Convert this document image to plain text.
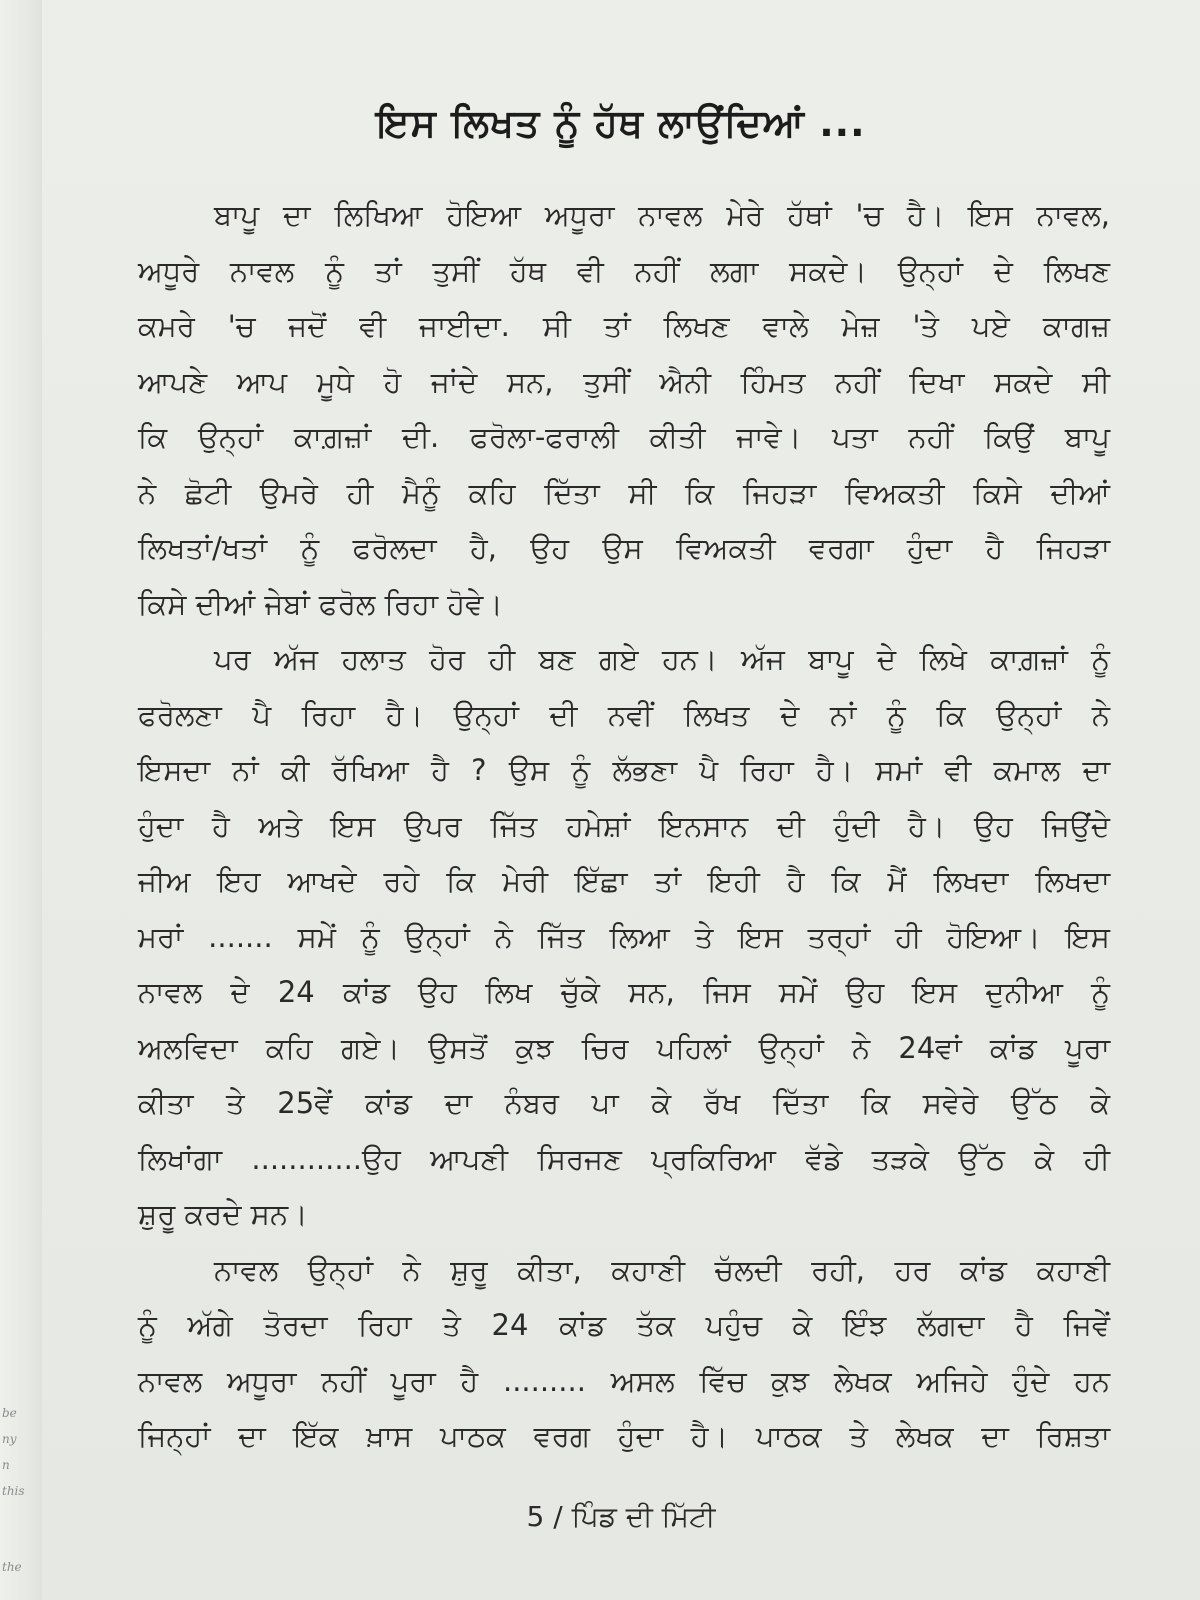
be
ny
n
this
the
ਇਸ ਲਿਖਤ ਨੂੰ ਹੱਥ ਲਾਉਂਦਿਆਂ ...
ਬਾਪੂ ਦਾ ਲਿਖਿਆ ਹੋਇਆ ਅਧੂਰਾ ਨਾਵਲ ਮੇਰੇ ਹੱਥਾਂ 'ਚ ਹੈ। ਇਸ ਨਾਵਲ,
ਅਧੂਰੇ ਨਾਵਲ ਨੂੰ ਤਾਂ ਤੁਸੀਂ ਹੱਥ ਵੀ ਨਹੀਂ ਲਗਾ ਸਕਦੇ। ਉਨ੍ਹਾਂ ਦੇ ਲਿਖਣ
ਕਮਰੇ 'ਚ ਜਦੋਂ ਵੀ ਜਾਈਦਾ. ਸੀ ਤਾਂ ਲਿਖਣ ਵਾਲੇ ਮੇਜ਼ 'ਤੇ ਪਏ ਕਾਗਜ਼
ਆਪਣੇ ਆਪ ਮੂਧੇ ਹੋ ਜਾਂਦੇ ਸਨ, ਤੁਸੀਂ ਐਨੀ ਹਿੰਮਤ ਨਹੀਂ ਦਿਖਾ ਸਕਦੇ ਸੀ
ਕਿ ਉਨ੍ਹਾਂ ਕਾਗ਼ਜ਼ਾਂ ਦੀ. ਫਰੋਲਾ-ਫਰਾਲੀ ਕੀਤੀ ਜਾਵੇ। ਪਤਾ ਨਹੀਂ ਕਿਉਂ ਬਾਪੂ
ਨੇ ਛੋਟੀ ਉਮਰੇ ਹੀ ਮੈਨੂੰ ਕਹਿ ਦਿੱਤਾ ਸੀ ਕਿ ਜਿਹੜਾ ਵਿਅਕਤੀ ਕਿਸੇ ਦੀਆਂ
ਲਿਖਤਾਂ/ਖਤਾਂ ਨੂੰ ਫਰੋਲਦਾ ਹੈ, ਉਹ ਉਸ ਵਿਅਕਤੀ ਵਰਗਾ ਹੁੰਦਾ ਹੈ ਜਿਹੜਾ
ਕਿਸੇ ਦੀਆਂ ਜੇਬਾਂ ਫਰੋਲ ਰਿਹਾ ਹੋਵੇ।
ਪਰ ਅੱਜ ਹਲਾਤ ਹੋਰ ਹੀ ਬਣ ਗਏ ਹਨ। ਅੱਜ ਬਾਪੂ ਦੇ ਲਿਖੇ ਕਾਗ਼ਜ਼ਾਂ ਨੂੰ
ਫਰੋਲਣਾ ਪੈ ਰਿਹਾ ਹੈ। ਉਨ੍ਹਾਂ ਦੀ ਨਵੀਂ ਲਿਖਤ ਦੇ ਨਾਂ ਨੂੰ ਕਿ ਉਨ੍ਹਾਂ ਨੇ
ਇਸਦਾ ਨਾਂ ਕੀ ਰੱਖਿਆ ਹੈ ? ਉਸ ਨੂੰ ਲੱਭਣਾ ਪੈ ਰਿਹਾ ਹੈ। ਸਮਾਂ ਵੀ ਕਮਾਲ ਦਾ
ਹੁੰਦਾ ਹੈ ਅਤੇ ਇਸ ਉਪਰ ਜਿੱਤ ਹਮੇਸ਼ਾਂ ਇਨਸਾਨ ਦੀ ਹੁੰਦੀ ਹੈ। ਉਹ ਜਿਉਂਦੇ
ਜੀਅ ਇਹ ਆਖਦੇ ਰਹੇ ਕਿ ਮੇਰੀ ਇੱਛਾ ਤਾਂ ਇਹੀ ਹੈ ਕਿ ਮੈਂ ਲਿਖਦਾ ਲਿਖਦਾ
ਮਰਾਂ ....... ਸਮੇਂ ਨੂੰ ਉਨ੍ਹਾਂ ਨੇ ਜਿੱਤ ਲਿਆ ਤੇ ਇਸ ਤਰ੍ਹਾਂ ਹੀ ਹੋਇਆ। ਇਸ
ਨਾਵਲ ਦੇ 24 ਕਾਂਡ ਉਹ ਲਿਖ ਚੁੱਕੇ ਸਨ, ਜਿਸ ਸਮੇਂ ਉਹ ਇਸ ਦੁਨੀਆ ਨੂੰ
ਅਲਵਿਦਾ ਕਹਿ ਗਏ। ਉਸਤੋਂ ਕੁਝ ਚਿਰ ਪਹਿਲਾਂ ਉਨ੍ਹਾਂ ਨੇ 24ਵਾਂ ਕਾਂਡ ਪੂਰਾ
ਕੀਤਾ ਤੇ 25ਵੇਂ ਕਾਂਡ ਦਾ ਨੰਬਰ ਪਾ ਕੇ ਰੱਖ ਦਿੱਤਾ ਕਿ ਸਵੇਰੇ ਉੱਠ ਕੇ
ਲਿਖਾਂਗਾ ............ਉਹ ਆਪਣੀ ਸਿਰਜਣ ਪ੍ਰਕਿਰਿਆ ਵੱਡੇ ਤੜਕੇ ਉੱਠ ਕੇ ਹੀ
ਸ਼ੁਰੂ ਕਰਦੇ ਸਨ।
ਨਾਵਲ ਉਨ੍ਹਾਂ ਨੇ ਸ਼ੁਰੂ ਕੀਤਾ, ਕਹਾਣੀ ਚੱਲਦੀ ਰਹੀ, ਹਰ ਕਾਂਡ ਕਹਾਣੀ
ਨੂੰ ਅੱਗੇ ਤੋਰਦਾ ਰਿਹਾ ਤੇ 24 ਕਾਂਡ ਤੱਕ ਪਹੁੰਚ ਕੇ ਇੰਝ ਲੱਗਦਾ ਹੈ ਜਿਵੇਂ
ਨਾਵਲ ਅਧੂਰਾ ਨਹੀਂ ਪੂਰਾ ਹੈ ......... ਅਸਲ ਵਿੱਚ ਕੁਝ ਲੇਖਕ ਅਜਿਹੇ ਹੁੰਦੇ ਹਨ
ਜਿਨ੍ਹਾਂ ਦਾ ਇੱਕ ਖ਼ਾਸ ਪਾਠਕ ਵਰਗ ਹੁੰਦਾ ਹੈ। ਪਾਠਕ ਤੇ ਲੇਖਕ ਦਾ ਰਿਸ਼ਤਾ
5 / ਪਿੰਡ ਦੀ ਮਿੱਟੀ
